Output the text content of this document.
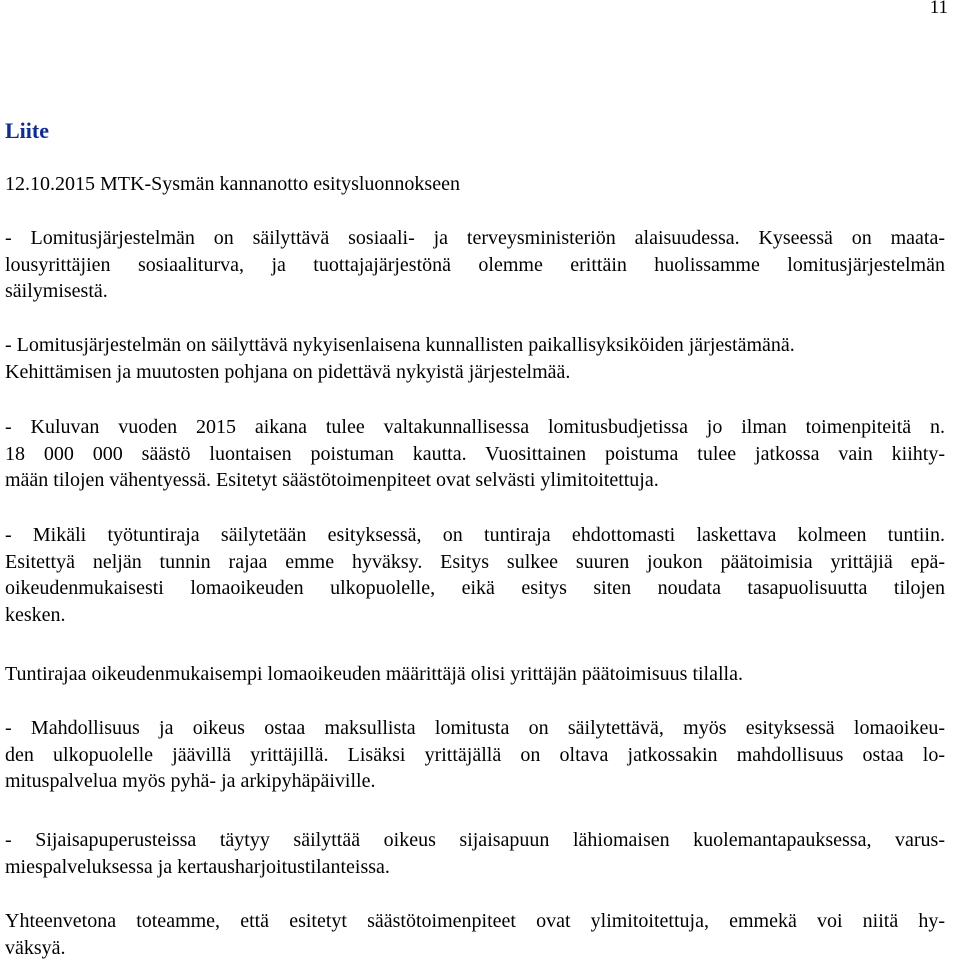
11
Liite

12.10.2015 MTK-Sysmän kannanotto esitysluonnokseen

- Lomitusjärjestelmän on säilyttävä sosiaali- ja terveysministeriön alaisuudessa. Kyseessä on maata-
lousyrittäjien sosiaaliturva, ja tuottajajärjestönä olemme erittäin huolissamme lomitusjärjestelmän
säilymisestä.

- Lomitusjärjestelmän on säilyttävä nykyisenlaisena kunnallisten paikallisyksiköiden järjestämänä.
Kehittämisen ja muutosten pohjana on pidettävä nykyistä järjestelmää.

- Kuluvan vuoden 2015 aikana tulee valtakunnallisessa lomitusbudjetissa jo ilman toimenpiteitä n.
18 000 000 säästö luontaisen poistuman kautta. Vuosittainen poistuma tulee jatkossa vain kiihty-
mään tilojen vähentyessä. Esitetyt säästötoimenpiteet ovat selvästi ylimitoitettuja.

- Mikäli työtuntiraja säilytetään esityksessä, on tuntiraja ehdottomasti laskettava kolmeen tuntiin.
Esitettyä neljän tunnin rajaa emme hyväksy. Esitys sulkee suuren joukon päätoimisia yrittäjiä epä-
oikeudenmukaisesti lomaoikeuden ulkopuolelle, eikä esitys siten noudata tasapuolisuutta tilojen
kesken.

Tuntirajaa oikeudenmukaisempi lomaoikeuden määrittäjä olisi yrittäjän päätoimisuus tilalla.

- Mahdollisuus ja oikeus ostaa maksullista lomitusta on säilytettävä, myös esityksessä lomaoikeu-
den ulkopuolelle jäävillä yrittäjillä. Lisäksi yrittäjällä on oltava jatkossakin mahdollisuus ostaa lo-
mituspalvelua myös pyhä- ja arkipyhäpäiville.

- Sijaisapuperusteissa täytyy säilyttää oikeus sijaisapuun lähiomaisen kuolemantapauksessa, varus-
miespalveluksessa ja kertausharjoitustilanteissa.

Yhteenvetona toteamme, että esitetyt säästötoimenpiteet ovat ylimitoitettuja, emmekä voi niitä hy-
väksyä.
